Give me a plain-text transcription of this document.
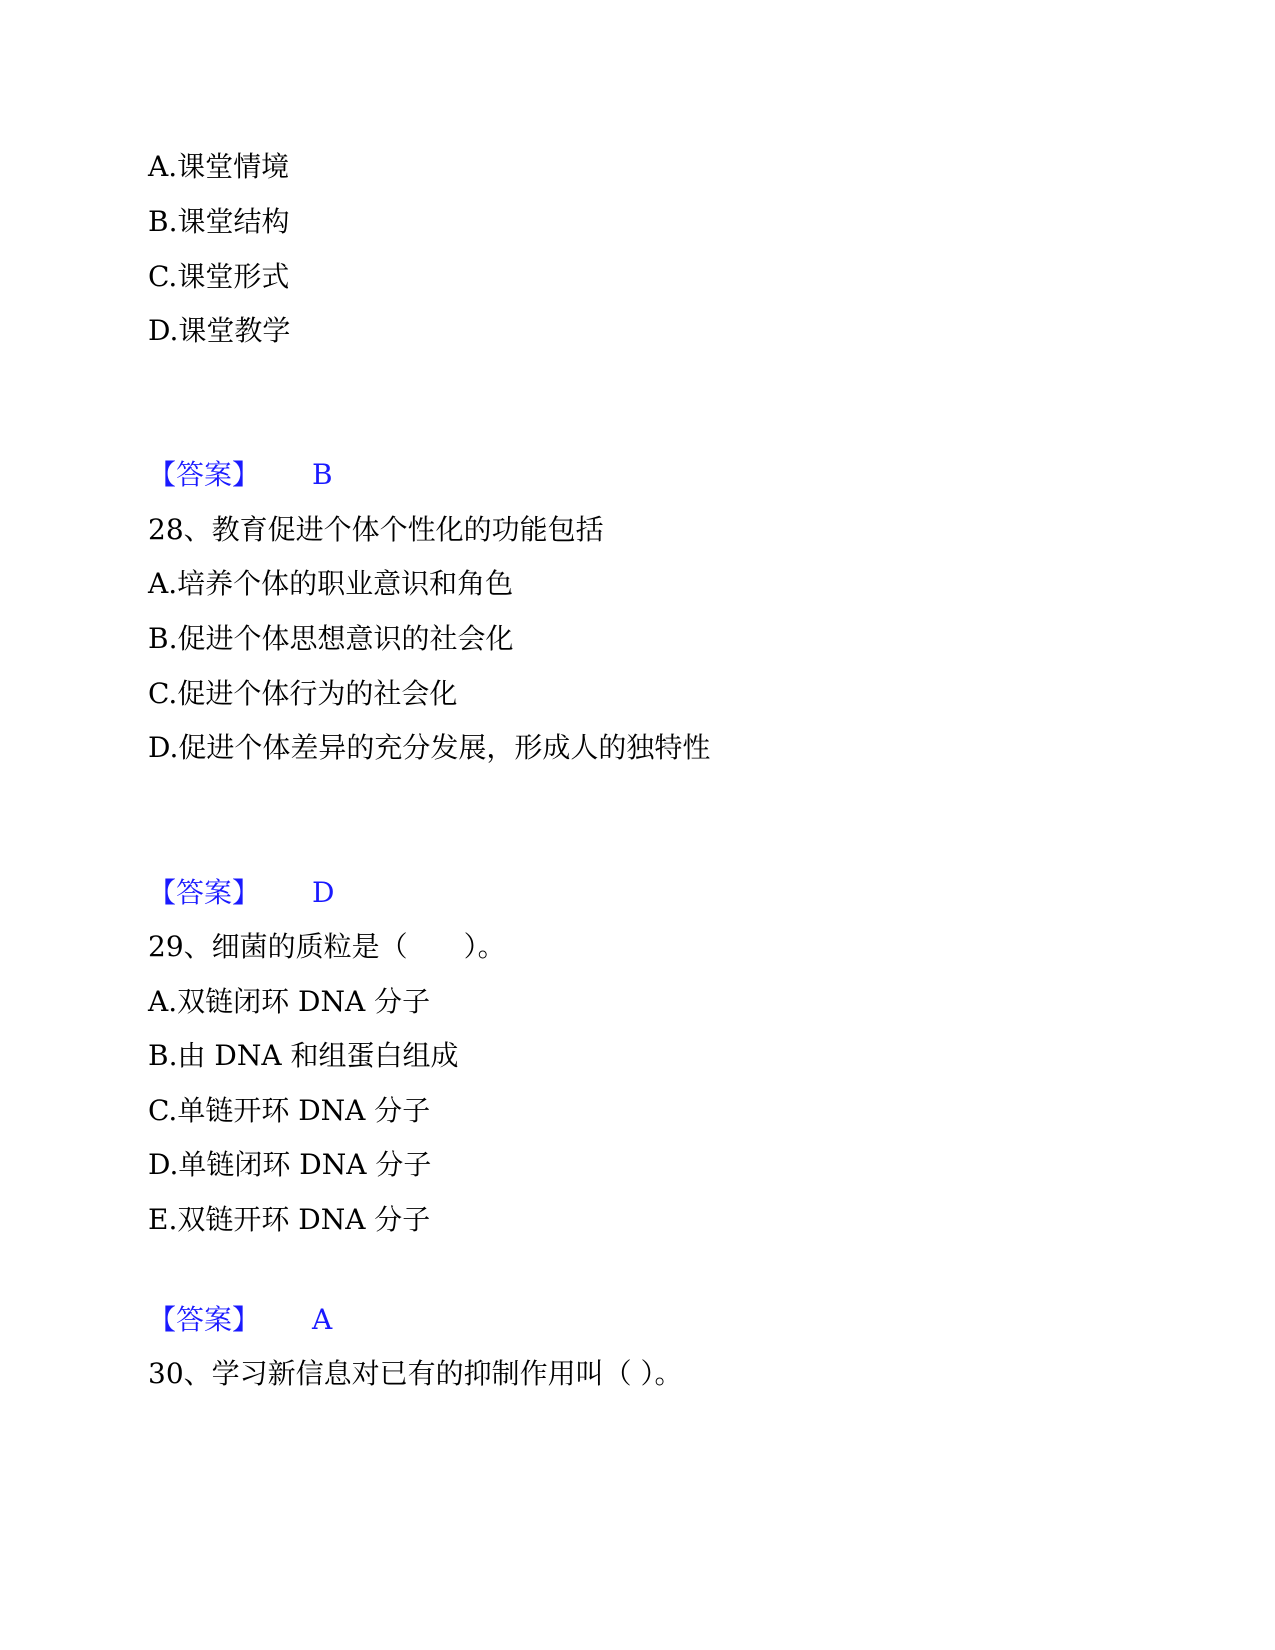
A.课堂情境
B.课堂结构
C.课堂形式
D.课堂教学
【答案】 B
28、教育促进个体个性化的功能包括
A.培养个体的职业意识和角色
B.促进个体思想意识的社会化
C.促进个体行为的社会化
D.促进个体差异的充分发展，形成人的独特性
【答案】 D
29、细菌的质粒是（　　）。
A.双链闭环 DNA 分子
B.由 DNA 和组蛋白组成
C.单链开环 DNA 分子
D.单链闭环 DNA 分子
E.双链开环 DNA 分子
【答案】 A
30、学习新信息对已有的抑制作用叫（ ）。
